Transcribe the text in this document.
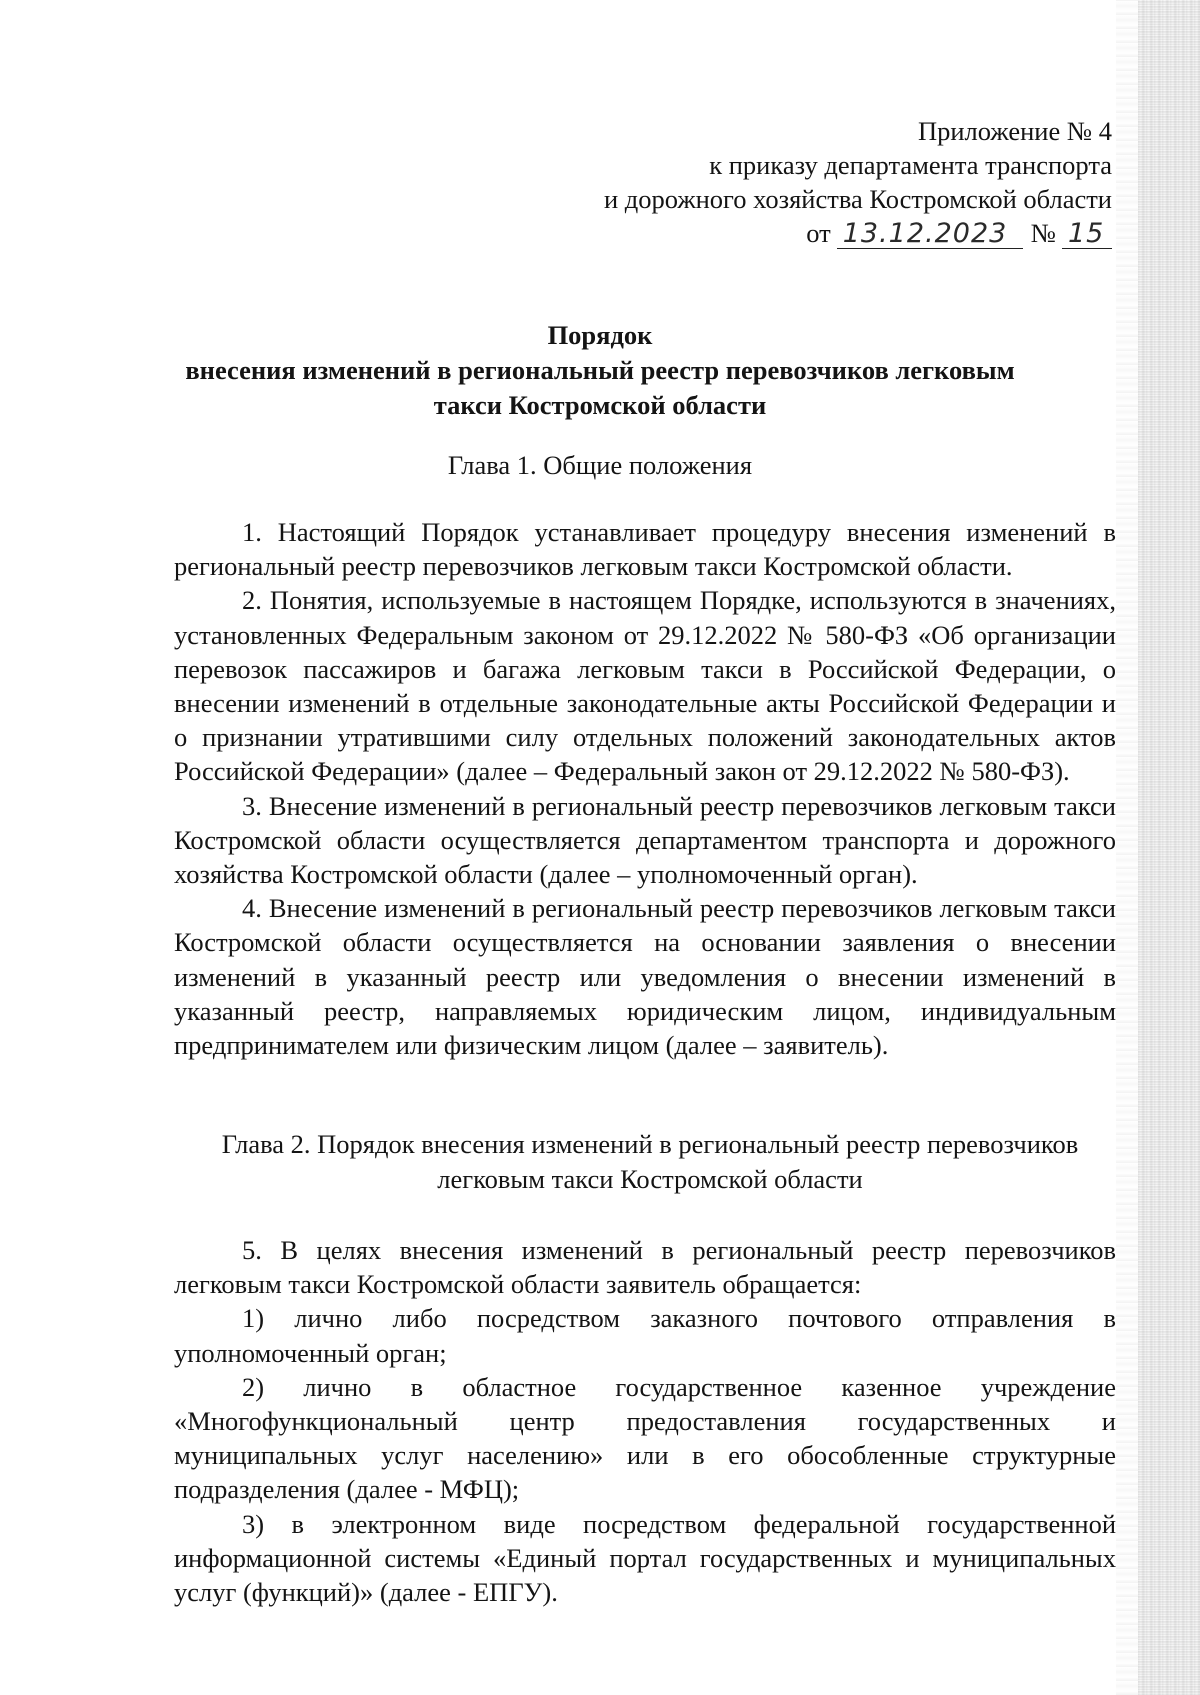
Приложение № 4
к приказу департамента транспорта
и дорожного хозяйства Костромской области
от 13.12.2023 № 15
Порядок
внесения изменений в региональный реестр перевозчиков легковым
такси Костромской области
Глава 1. Общие положения

1. Настоящий Порядок устанавливает процедуру внесения изменений в региональный реестр перевозчиков легковым такси Костромской области.

2. Понятия, используемые в настоящем Порядке, используются в значениях, установленных Федеральным законом от 29.12.2022 № 580-ФЗ «Об организации перевозок пассажиров и багажа легковым такси в Российской Федерации, о внесении изменений в отдельные законодательные акты Российской Федерации и о признании утратившими силу отдельных положений законодательных актов Российской Федерации» (далее – Федеральный закон от 29.12.2022 № 580-ФЗ).

3. Внесение изменений в региональный реестр перевозчиков легковым такси Костромской области осуществляется департаментом транспорта и дорожного хозяйства Костромской области (далее – уполномоченный орган).

4. Внесение изменений в региональный реестр перевозчиков легковым такси Костромской области осуществляется на основании заявления о внесении изменений в указанный реестр или уведомления о внесении изменений в указанный реестр, направляемых юридическим лицом, индивидуальным предпринимателем или физическим лицом (далее – заявитель).

Глава 2. Порядок внесения изменений в региональный реестр перевозчиков
легковым такси Костромской области

5. В целях внесения изменений в региональный реестр перевозчиков легковым такси Костромской области заявитель обращается:

1) лично либо посредством заказного почтового отправления в уполномоченный орган;

2) лично в областное государственное казенное учреждение «Многофункциональный центр предоставления государственных и муниципальных услуг населению» или в его обособленные структурные подразделения (далее - МФЦ);

3) в электронном виде посредством федеральной государственной информационной системы «Единый портал государственных и муниципальных услуг (функций)» (далее - ЕПГУ).
